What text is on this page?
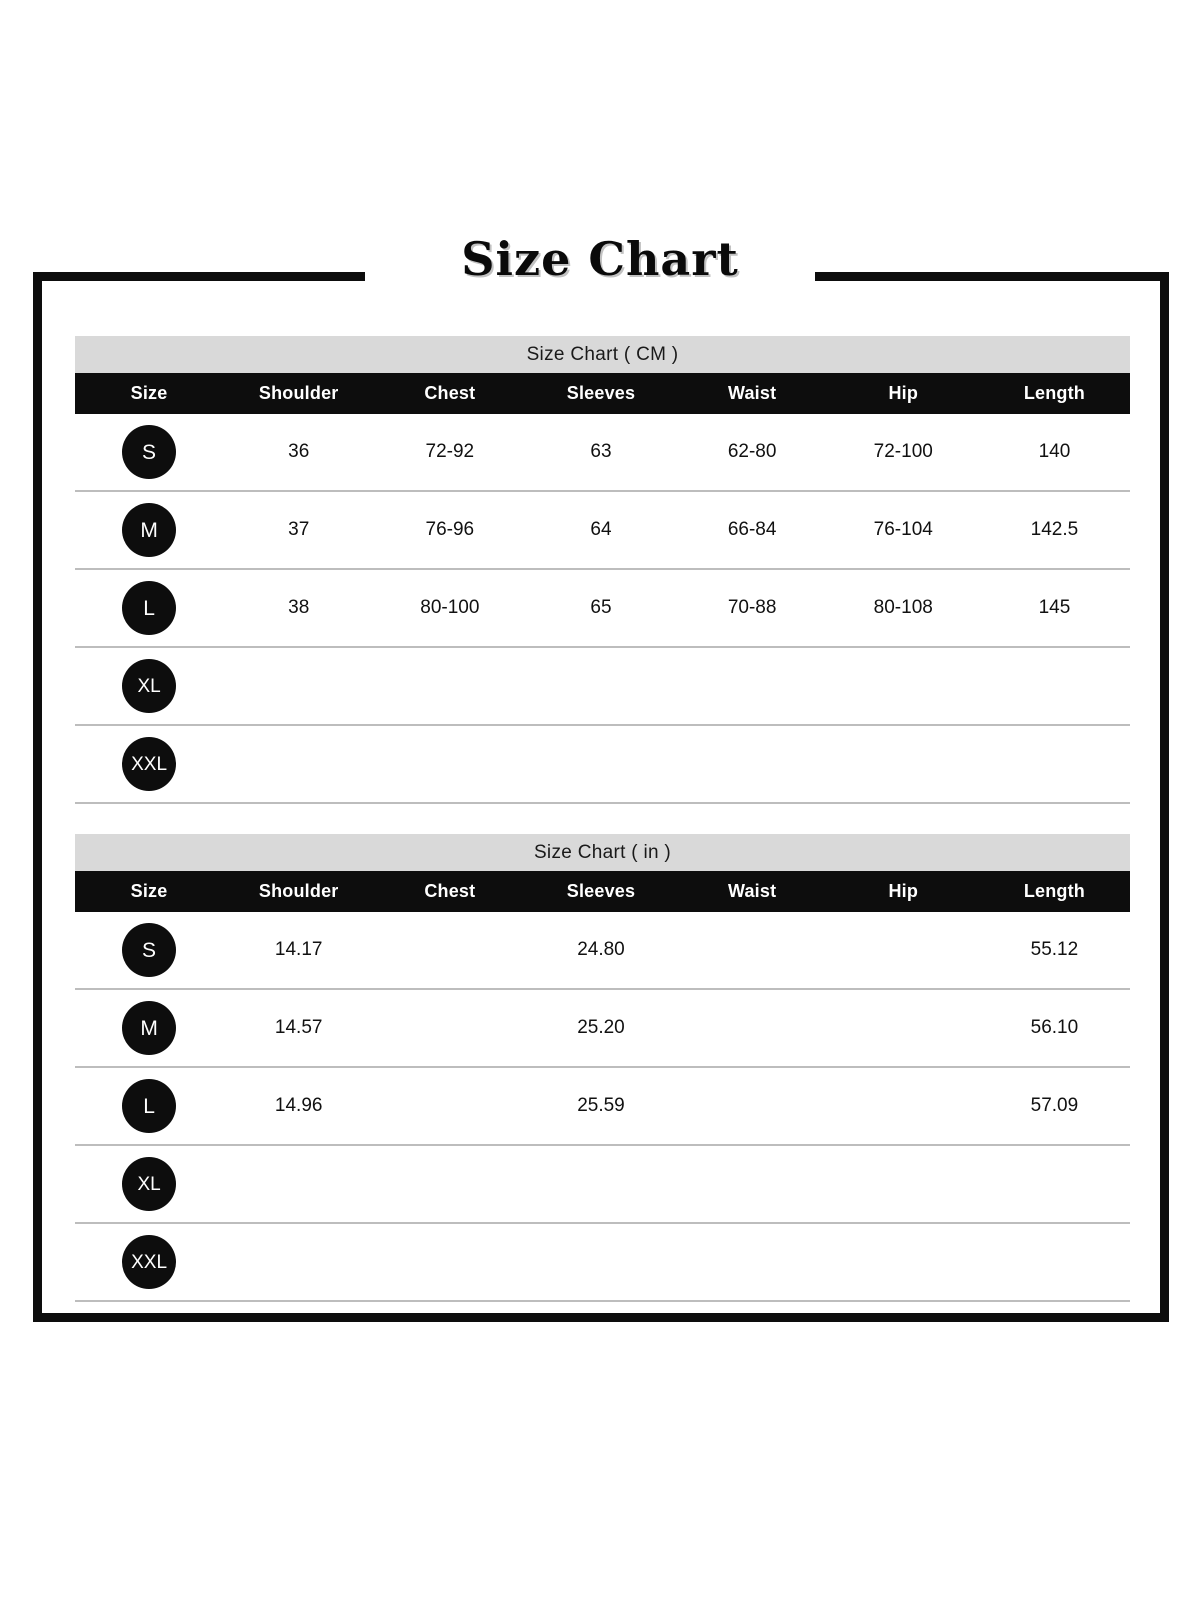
Size Chart
Size Chart ( CM )
Size	Shoulder	Chest	Sleeves	Waist	Hip	Length
S	36	72-92	63	62-80	72-100	140
M	37	76-96	64	66-84	76-104	142.5
L	38	80-100	65	70-88	80-108	145
XL						
XXL						
Size Chart ( in )
Size	Shoulder	Chest	Sleeves	Waist	Hip	Length
S	14.17		24.80			55.12
M	14.57		25.20			56.10
L	14.96		25.59			57.09
XL						
XXL						
